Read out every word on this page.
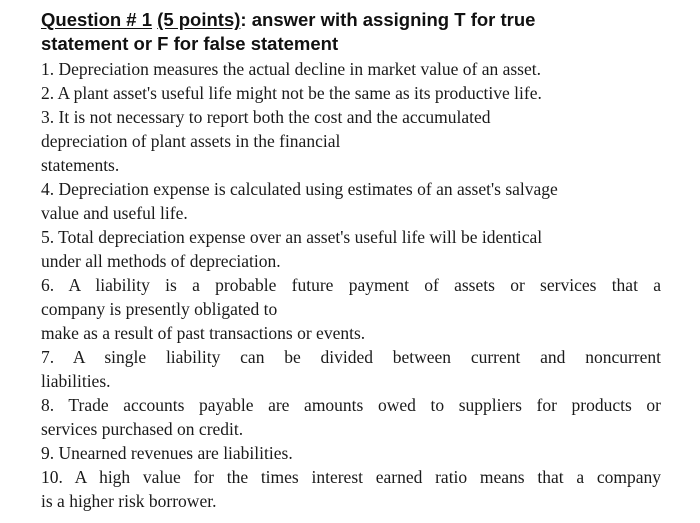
Question # 1 (5 points): answer with assigning T for true
statement or F for false statement
1. Depreciation measures the actual decline in market value of an asset.
2. A plant asset's useful life might not be the same as its productive life.
3. It is not necessary to report both the cost and the accumulated
depreciation of plant assets in the financial
statements.
4. Depreciation expense is calculated using estimates of an asset's salvage
value and useful life.
5. Total depreciation expense over an asset's useful life will be identical
under all methods of depreciation.
6. A liability is a probable future payment of assets or services that a
company is presently obligated to
make as a result of past transactions or events.
7. A single liability can be divided between current and noncurrent
liabilities.
8. Trade accounts payable are amounts owed to suppliers for products or
services purchased on credit.
9. Unearned revenues are liabilities.
10. A high value for the times interest earned ratio means that a company
is a higher risk borrower.
